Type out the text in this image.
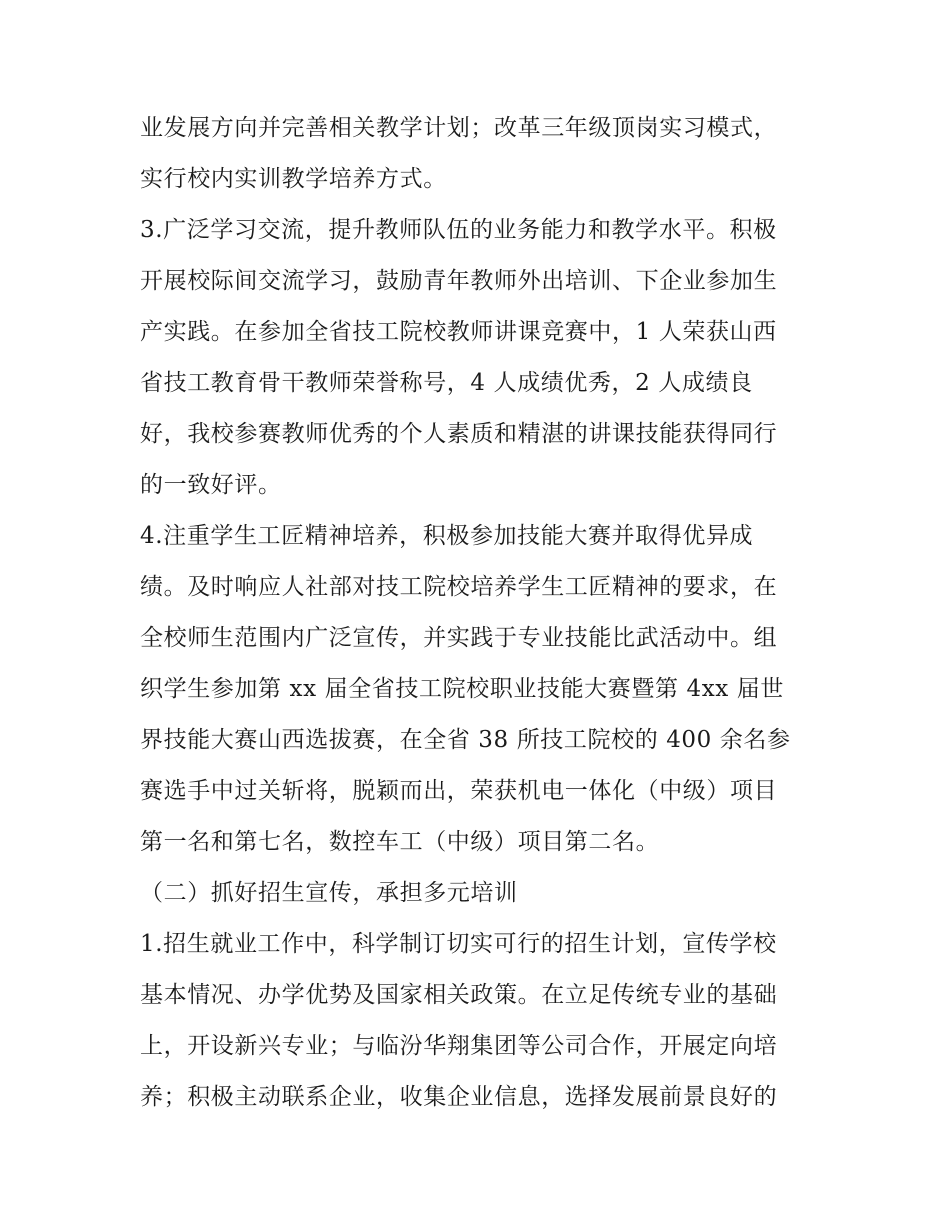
业发展方向并完善相关教学计划；改革三年级顶岗实习模式，
实行校内实训教学培养方式。
3.广泛学习交流，提升教师队伍的业务能力和教学水平。积极
开展校际间交流学习，鼓励青年教师外出培训、下企业参加生
产实践。在参加全省技工院校教师讲课竞赛中，1 人荣获山西
省技工教育骨干教师荣誉称号，4 人成绩优秀，2 人成绩良
好，我校参赛教师优秀的个人素质和精湛的讲课技能获得同行
的一致好评。
4.注重学生工匠精神培养，积极参加技能大赛并取得优异成
绩。及时响应人社部对技工院校培养学生工匠精神的要求，在
全校师生范围内广泛宣传，并实践于专业技能比武活动中。组
织学生参加第 xx 届全省技工院校职业技能大赛暨第 4xx 届世
界技能大赛山西选拔赛，在全省 38 所技工院校的 400 余名参
赛选手中过关斩将，脱颖而出，荣获机电一体化（中级）项目
第一名和第七名，数控车工（中级）项目第二名。
（二）抓好招生宣传，承担多元培训
1.招生就业工作中，科学制订切实可行的招生计划，宣传学校
基本情况、办学优势及国家相关政策。在立足传统专业的基础
上，开设新兴专业；与临汾华翔集团等公司合作，开展定向培
养；积极主动联系企业，收集企业信息，选择发展前景良好的
